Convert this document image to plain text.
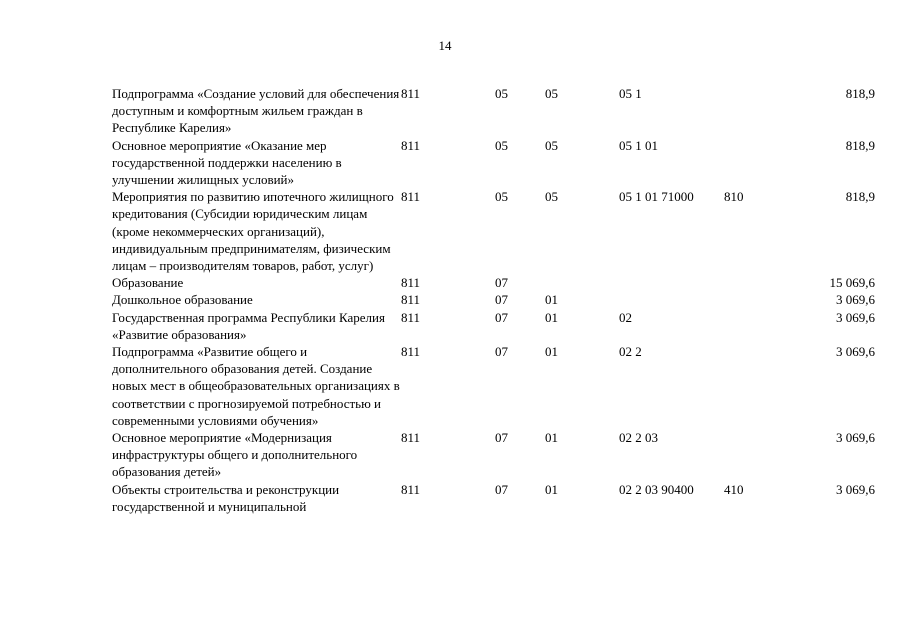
14
Подпрограмма «Создание условий для обеспечения доступным и комфортным жильем граждан в Республике Карелия»	811	05	05	05 1		818,9
Основное мероприятие «Оказание мер государственной поддержки населению в улучшении жилищных условий»	811	05	05	05 1 01		818,9
Мероприятия по развитию ипотечного жилищного кредитования (Субсидии юридическим лицам (кроме некоммерческих организаций), индивидуальным предпринимателям, физическим лицам – производителям товаров, работ, услуг)	811	05	05	05 1 01 71000	810	818,9
Образование	811	07				15 069,6
Дошкольное образование	811	07	01			3 069,6
Государственная программа Республики Карелия «Развитие образования»	811	07	01	02		3 069,6
Подпрограмма «Развитие общего и дополнительного образования детей. Создание новых мест в общеобразовательных организациях в соответствии с прогнозируемой потребностью и современными условиями обучения»	811	07	01	02 2		3 069,6
Основное мероприятие «Модернизация инфраструктуры общего и дополнительного образования детей»	811	07	01	02 2 03		3 069,6
Объекты строительства и реконструкции государственной и муниципальной	811	07	01	02 2 03 90400	410	3 069,6
